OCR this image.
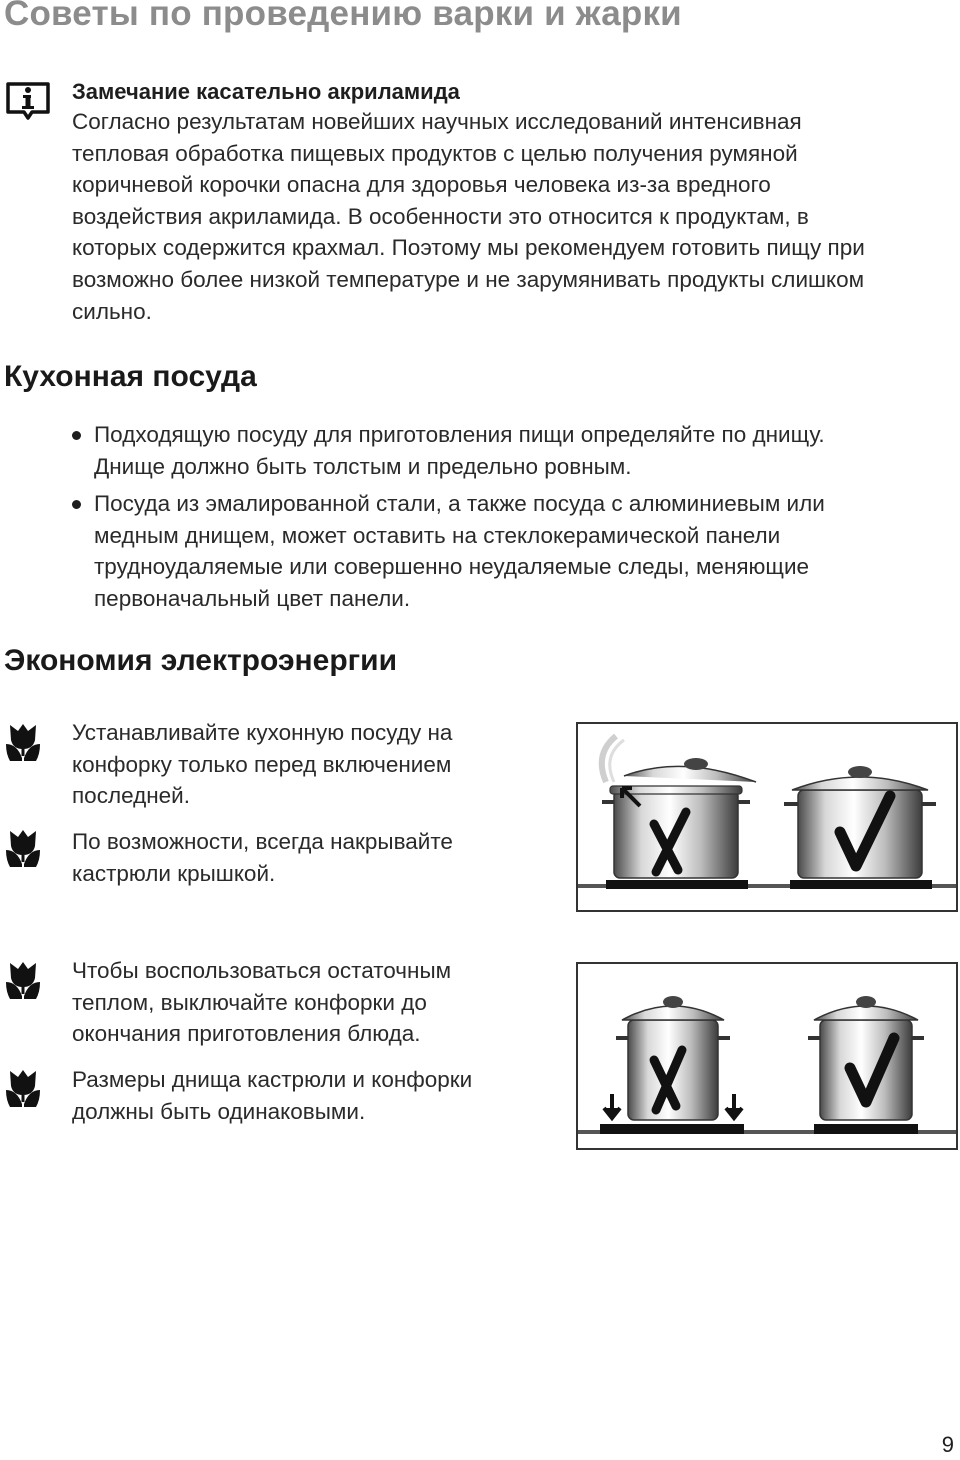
Советы по проведению варки и жарки
Замечание касательно акриламида
Согласно результатам новейших научных исследований интенсивная
тепловая обработка пищевых продуктов с целью получения румяной
коричневой корочки опасна для здоровья человека из-за вредного
воздействия акриламида. В особенности это относится к продуктам, в
которых содержится крахмал. Поэтому мы рекомендуем готовить пищу при
возможно более низкой температуре и не зарумянивать продукты слишком
сильно.
Кухонная посуда
Подходящую посуду для приготовления пищи определяйте по днищу.
Днище должно быть толстым и предельно ровным.
Посуда из эмалированной стали, а также посуда с алюминиевым или
медным днищем, может оставить на стеклокерамической панели
трудноудаляемые или совершенно неудаляемые следы, меняющие
первоначальный цвет панели.
Экономия электроэнергии
Устанавливайте кухонную посуду на
конфорку только перед включением
последней.
По возможности, всегда накрывайте
кастрюли крышкой.
Чтобы воспользоваться остаточным
теплом, выключайте конфорки до
окончания приготовления блюда.
Размеры днища кастрюли и конфорки
должны быть одинаковыми.
9
